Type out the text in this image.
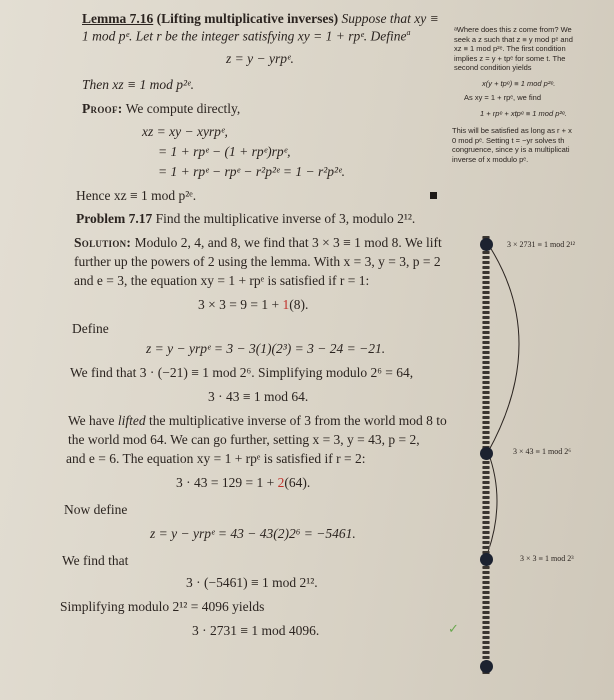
Lemma 7.16 (Lifting multiplicative inverses) Suppose that xy ≡
1 mod pᵉ. Let r be the integer satisfying xy = 1 + rpᵉ. Define$^a$
z = y − yrpᵉ.
Then xz ≡ 1 mod p²ᵉ.
Proof: We compute directly,
xz = xy − xyrpᵉ,
= 1 + rpᵉ − (1 + rpᵉ)rpᵉ,
= 1 + rpᵉ − rpᵉ − r²p²ᵉ = 1 − r²p²ᵉ.
Hence xz ≡ 1 mod p²ᵉ.
Problem 7.17 Find the multiplicative inverse of 3, modulo 2¹².
Solution: Modulo 2, 4, and 8, we find that 3 × 3 ≡ 1 mod 8. We lift
further up the powers of 2 using the lemma. With x = 3, y = 3, p = 2
and e = 3, the equation xy = 1 + rpᵉ is satisfied if r = 1:
3 × 3 = 9 = 1 + 1(8).
Define
z = y − yrpᵉ = 3 − 3(1)(2³) = 3 − 24 = −21.
We find that 3 · (−21) ≡ 1 mod 2⁶. Simplifying modulo 2⁶ = 64,
3 · 43 ≡ 1 mod 64.
We have lifted the multiplicative inverse of 3 from the world mod 8 to
the world mod 64. We can go further, setting x = 3, y = 43, p = 2,
and e = 6. The equation xy = 1 + rpᵉ is satisfied if r = 2:
3 · 43 = 129 = 1 + 2(64).
Now define
z = y − yrpᵉ = 43 − 43(2)2⁶ = −5461.
We find that
3 · (−5461) ≡ 1 mod 2¹².
Simplifying modulo 2¹² = 4096 yields
3 · 2731 ≡ 1 mod 4096.	✓
ᵃWhere does this z come from? We
seek a z such that z ≡ y mod pᵉ and
xz ≡ 1 mod p²ᵉ. The first condition
implies z = y + tpᵉ for some t. The
second condition yields
x(y + tpᵉ) ≡ 1 mod p²ᵉ.
As xy = 1 + rpᵉ, we find
1 + rpᵉ + xtpᵉ ≡ 1 mod p²ᵉ.
This will be satisfied as long as r + x
0 mod pᵉ. Setting t = −yr solves th
congruence, since y is a multiplicati
inverse of x modulo pᵉ.
3 × 2731 ≡ 1 mod 2¹²
3 × 43 ≡ 1 mod 2⁶
3 × 3 ≡ 1 mod 2³
